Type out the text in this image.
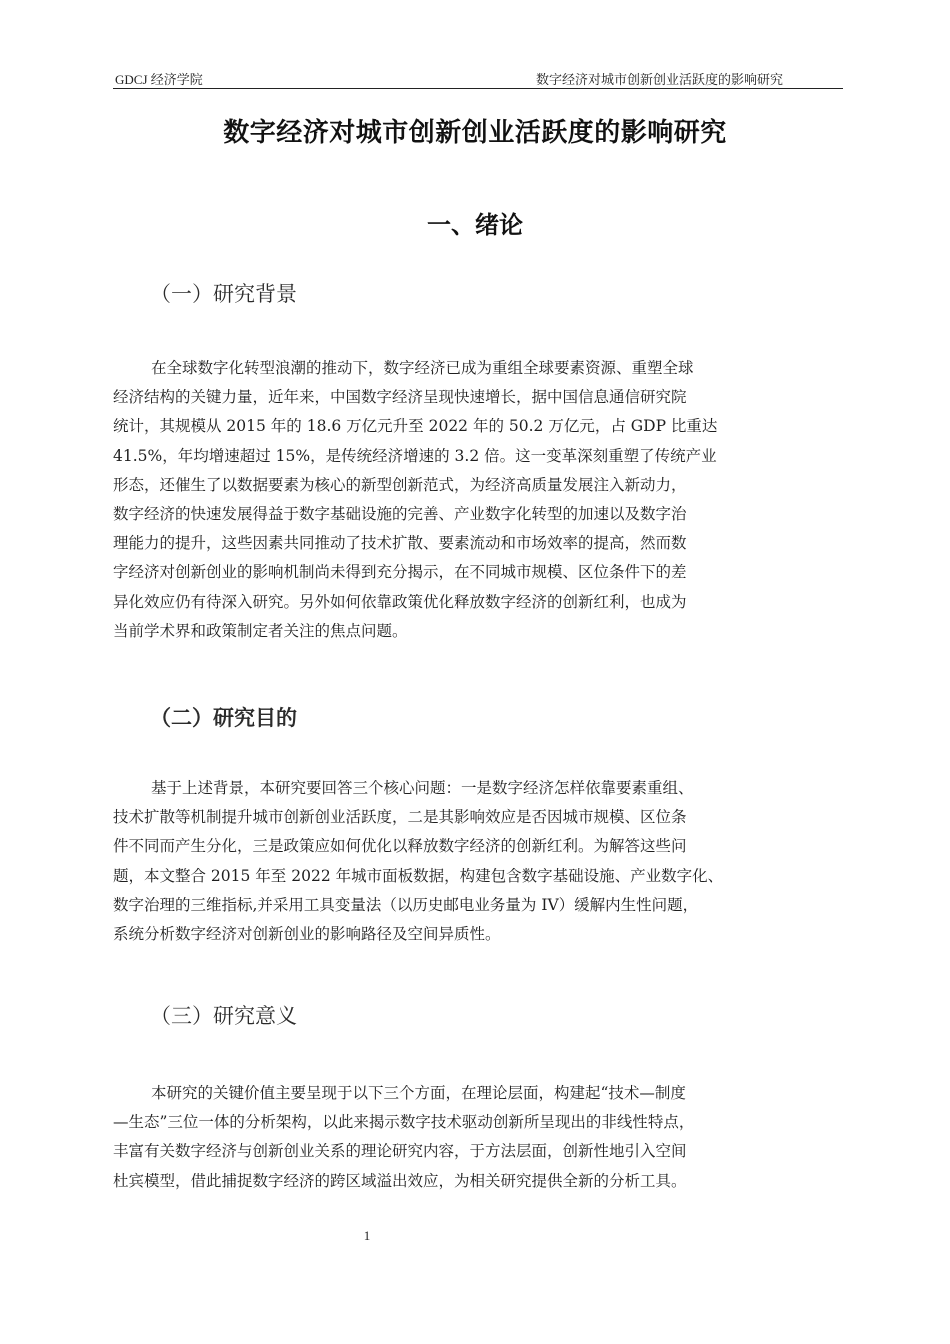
GDCJ 经济学院	数字经济对城市创新创业活跃度的影响研究
数字经济对城市创新创业活跃度的影响研究
一、绪论
（一）研究背景
在全球数字化转型浪潮的推动下，数字经济已成为重组全球要素资源、重塑全球
经济结构的关键力量，近年来，中国数字经济呈现快速增长，据中国信息通信研究院
统计，其规模从 2015 年的 18.6 万亿元升至 2022 年的 50.2 万亿元，占 GDP 比重达
41.5%，年均增速超过 15%，是传统经济增速的 3.2 倍。这一变革深刻重塑了传统产业
形态，还催生了以数据要素为核心的新型创新范式，为经济高质量发展注入新动力，
数字经济的快速发展得益于数字基础设施的完善、产业数字化转型的加速以及数字治
理能力的提升，这些因素共同推动了技术扩散、要素流动和市场效率的提高，然而数
字经济对创新创业的影响机制尚未得到充分揭示，在不同城市规模、区位条件下的差
异化效应仍有待深入研究。另外如何依靠政策优化释放数字经济的创新红利，也成为
当前学术界和政策制定者关注的焦点问题。
（二）研究目的
基于上述背景，本研究要回答三个核心问题：一是数字经济怎样依靠要素重组、
技术扩散等机制提升城市创新创业活跃度，二是其影响效应是否因城市规模、区位条
件不同而产生分化，三是政策应如何优化以释放数字经济的创新红利。为解答这些问
题，本文整合 2015 年至 2022 年城市面板数据，构建包含数字基础设施、产业数字化、
数字治理的三维指标,并采用工具变量法（以历史邮电业务量为 IV）缓解内生性问题，
系统分析数字经济对创新创业的影响路径及空间异质性。
（三）研究意义
本研究的关键价值主要呈现于以下三个方面，在理论层面，构建起“技术—制度
—生态”三位一体的分析架构，以此来揭示数字技术驱动创新所呈现出的非线性特点，
丰富有关数字经济与创新创业关系的理论研究内容，于方法层面，创新性地引入空间
杜宾模型，借此捕捉数字经济的跨区域溢出效应，为相关研究提供全新的分析工具。
1
